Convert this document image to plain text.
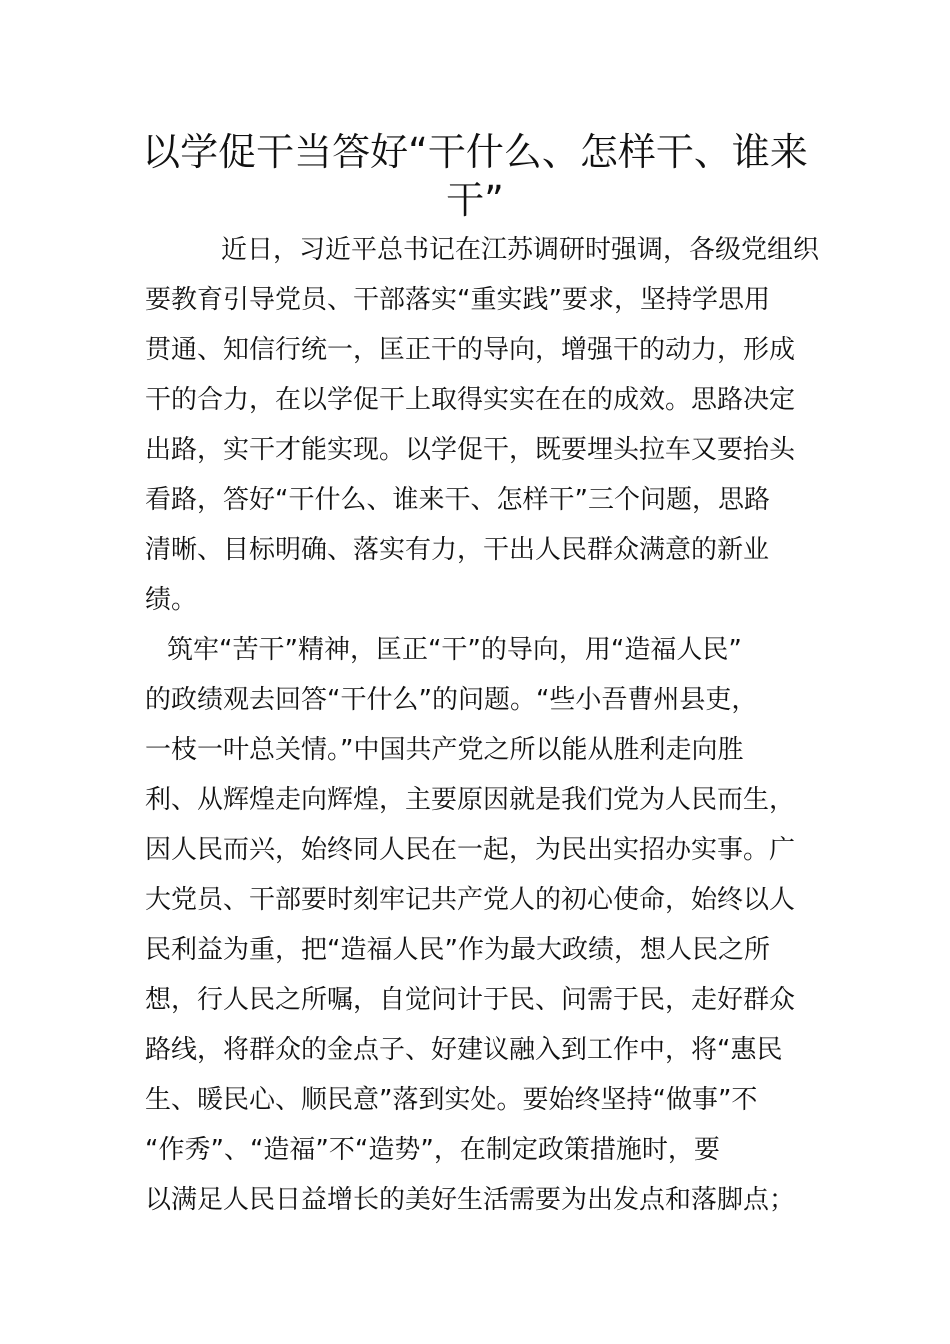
以学促干当答好“干什么、怎样干、谁来
干”
近日，习近平总书记在江苏调研时强调，各级党组织
要教育引导党员、干部落实“重实践”要求，坚持学思用
贯通、知信行统一，匡正干的导向，增强干的动力，形成
干的合力，在以学促干上取得实实在在的成效。思路决定
出路，实干才能实现。以学促干，既要埋头拉车又要抬头
看路，答好“干什么、谁来干、怎样干”三个问题，思路
清晰、目标明确、落实有力，干出人民群众满意的新业
绩。
筑牢“苦干”精神，匡正“干”的导向，用“造福人民”
的政绩观去回答“干什么”的问题。“些小吾曹州县吏，
一枝一叶总关情。”中国共产党之所以能从胜利走向胜
利、从辉煌走向辉煌，主要原因就是我们党为人民而生，
因人民而兴，始终同人民在一起，为民出实招办实事。广
大党员、干部要时刻牢记共产党人的初心使命，始终以人
民利益为重，把“造福人民”作为最大政绩，想人民之所
想，行人民之所嘱，自觉问计于民、问需于民，走好群众
路线，将群众的金点子、好建议融入到工作中，将“惠民
生、暖民心、顺民意”落到实处。要始终坚持“做事”不
“作秀”、“造福”不“造势”，在制定政策措施时，要
以满足人民日益增长的美好生活需要为出发点和落脚点；
